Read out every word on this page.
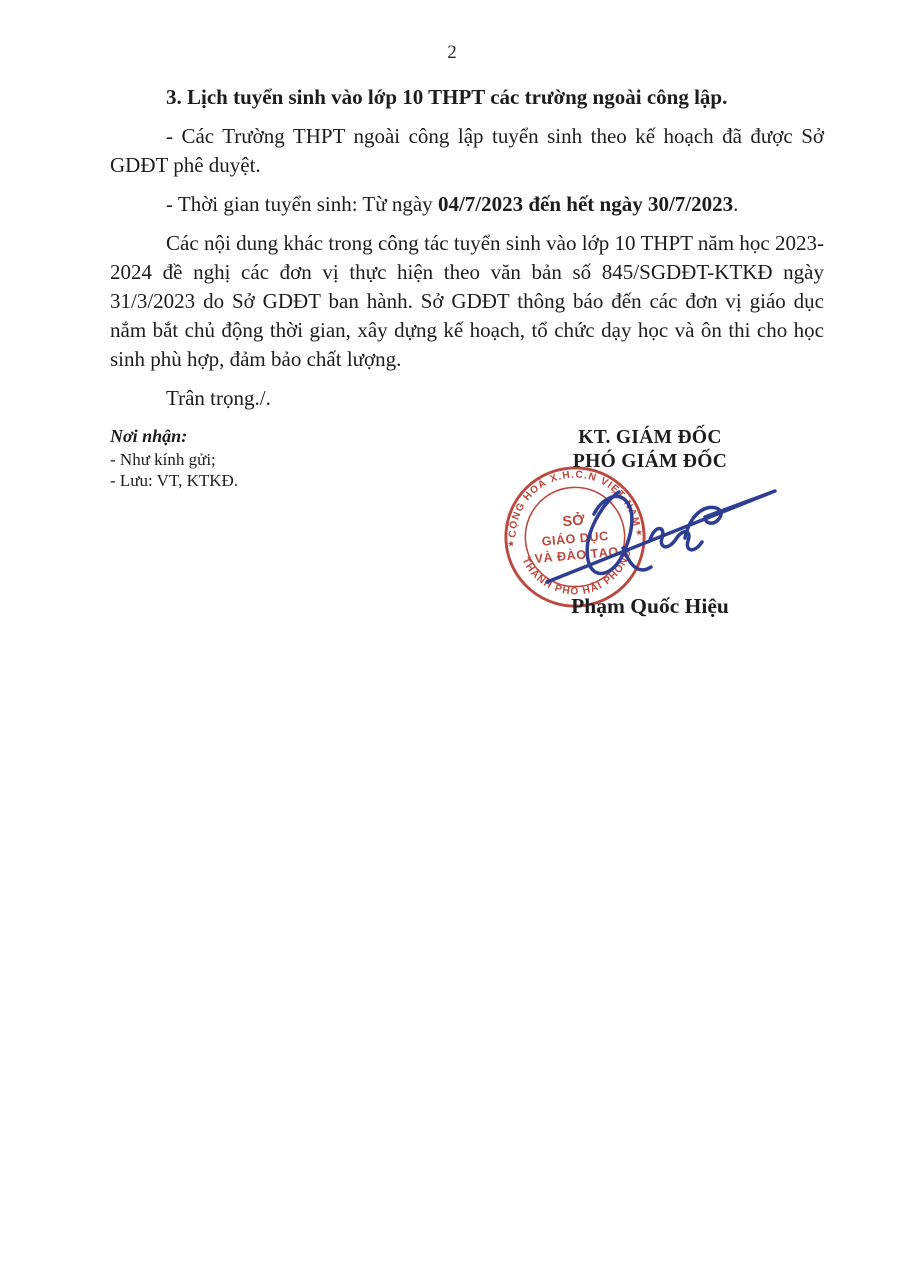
2

3. Lịch tuyển sinh vào lớp 10 THPT các trường ngoài công lập.

- Các Trường THPT ngoài công lập tuyển sinh theo kế hoạch đã được Sở GDĐT phê duyệt.

- Thời gian tuyển sinh: Từ ngày 04/7/2023 đến hết ngày 30/7/2023.

Các nội dung khác trong công tác tuyển sinh vào lớp 10 THPT năm học 2023-2024 đề nghị các đơn vị thực hiện theo văn bản số 845/SGDĐT-KTKĐ ngày 31/3/2023 do Sở GDĐT ban hành. Sở GDĐT thông báo đến các đơn vị giáo dục nắm bắt chủ động thời gian, xây dựng kế hoạch, tổ chức dạy học và ôn thi cho học sinh phù hợp, đảm bảo chất lượng.

Trân trọng./.

Nơi nhận:
- Như kính gửi;
- Lưu: VT, KTKĐ.
KT. GIÁM ĐỐC
PHÓ GIÁM ĐỐC
Phạm Quốc Hiệu
CỘNG HOÀ X.H.C.N VIỆT NAM
THÀNH PHỐ HẢI PHÒNG
★
★
SỞ
GIÁO DỤC
VÀ ĐÀO TẠO
